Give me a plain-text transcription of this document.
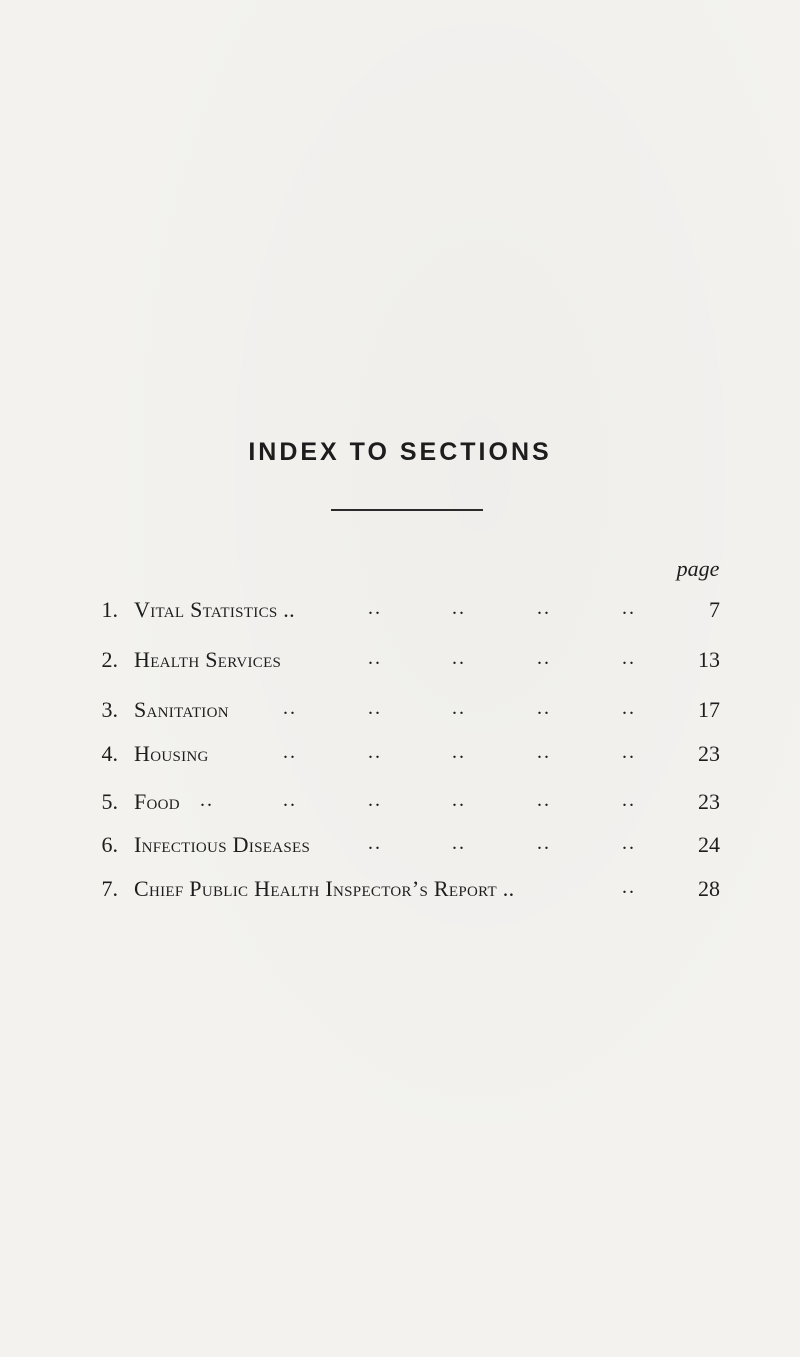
INDEX TO SECTIONS
page
1. Vital Statistics ..	..	..	..	..	7
2. Health Services	..	..	..	..	13
3. Sanitation	..	..	..	..	..	17
4. Housing	..	..	..	..	..	23
5. Food ..	..	..	..	..	..	23
6. Infectious Diseases	..	..	..	..	24
7. Chief Public Health Inspector’s Report ..	..	28
